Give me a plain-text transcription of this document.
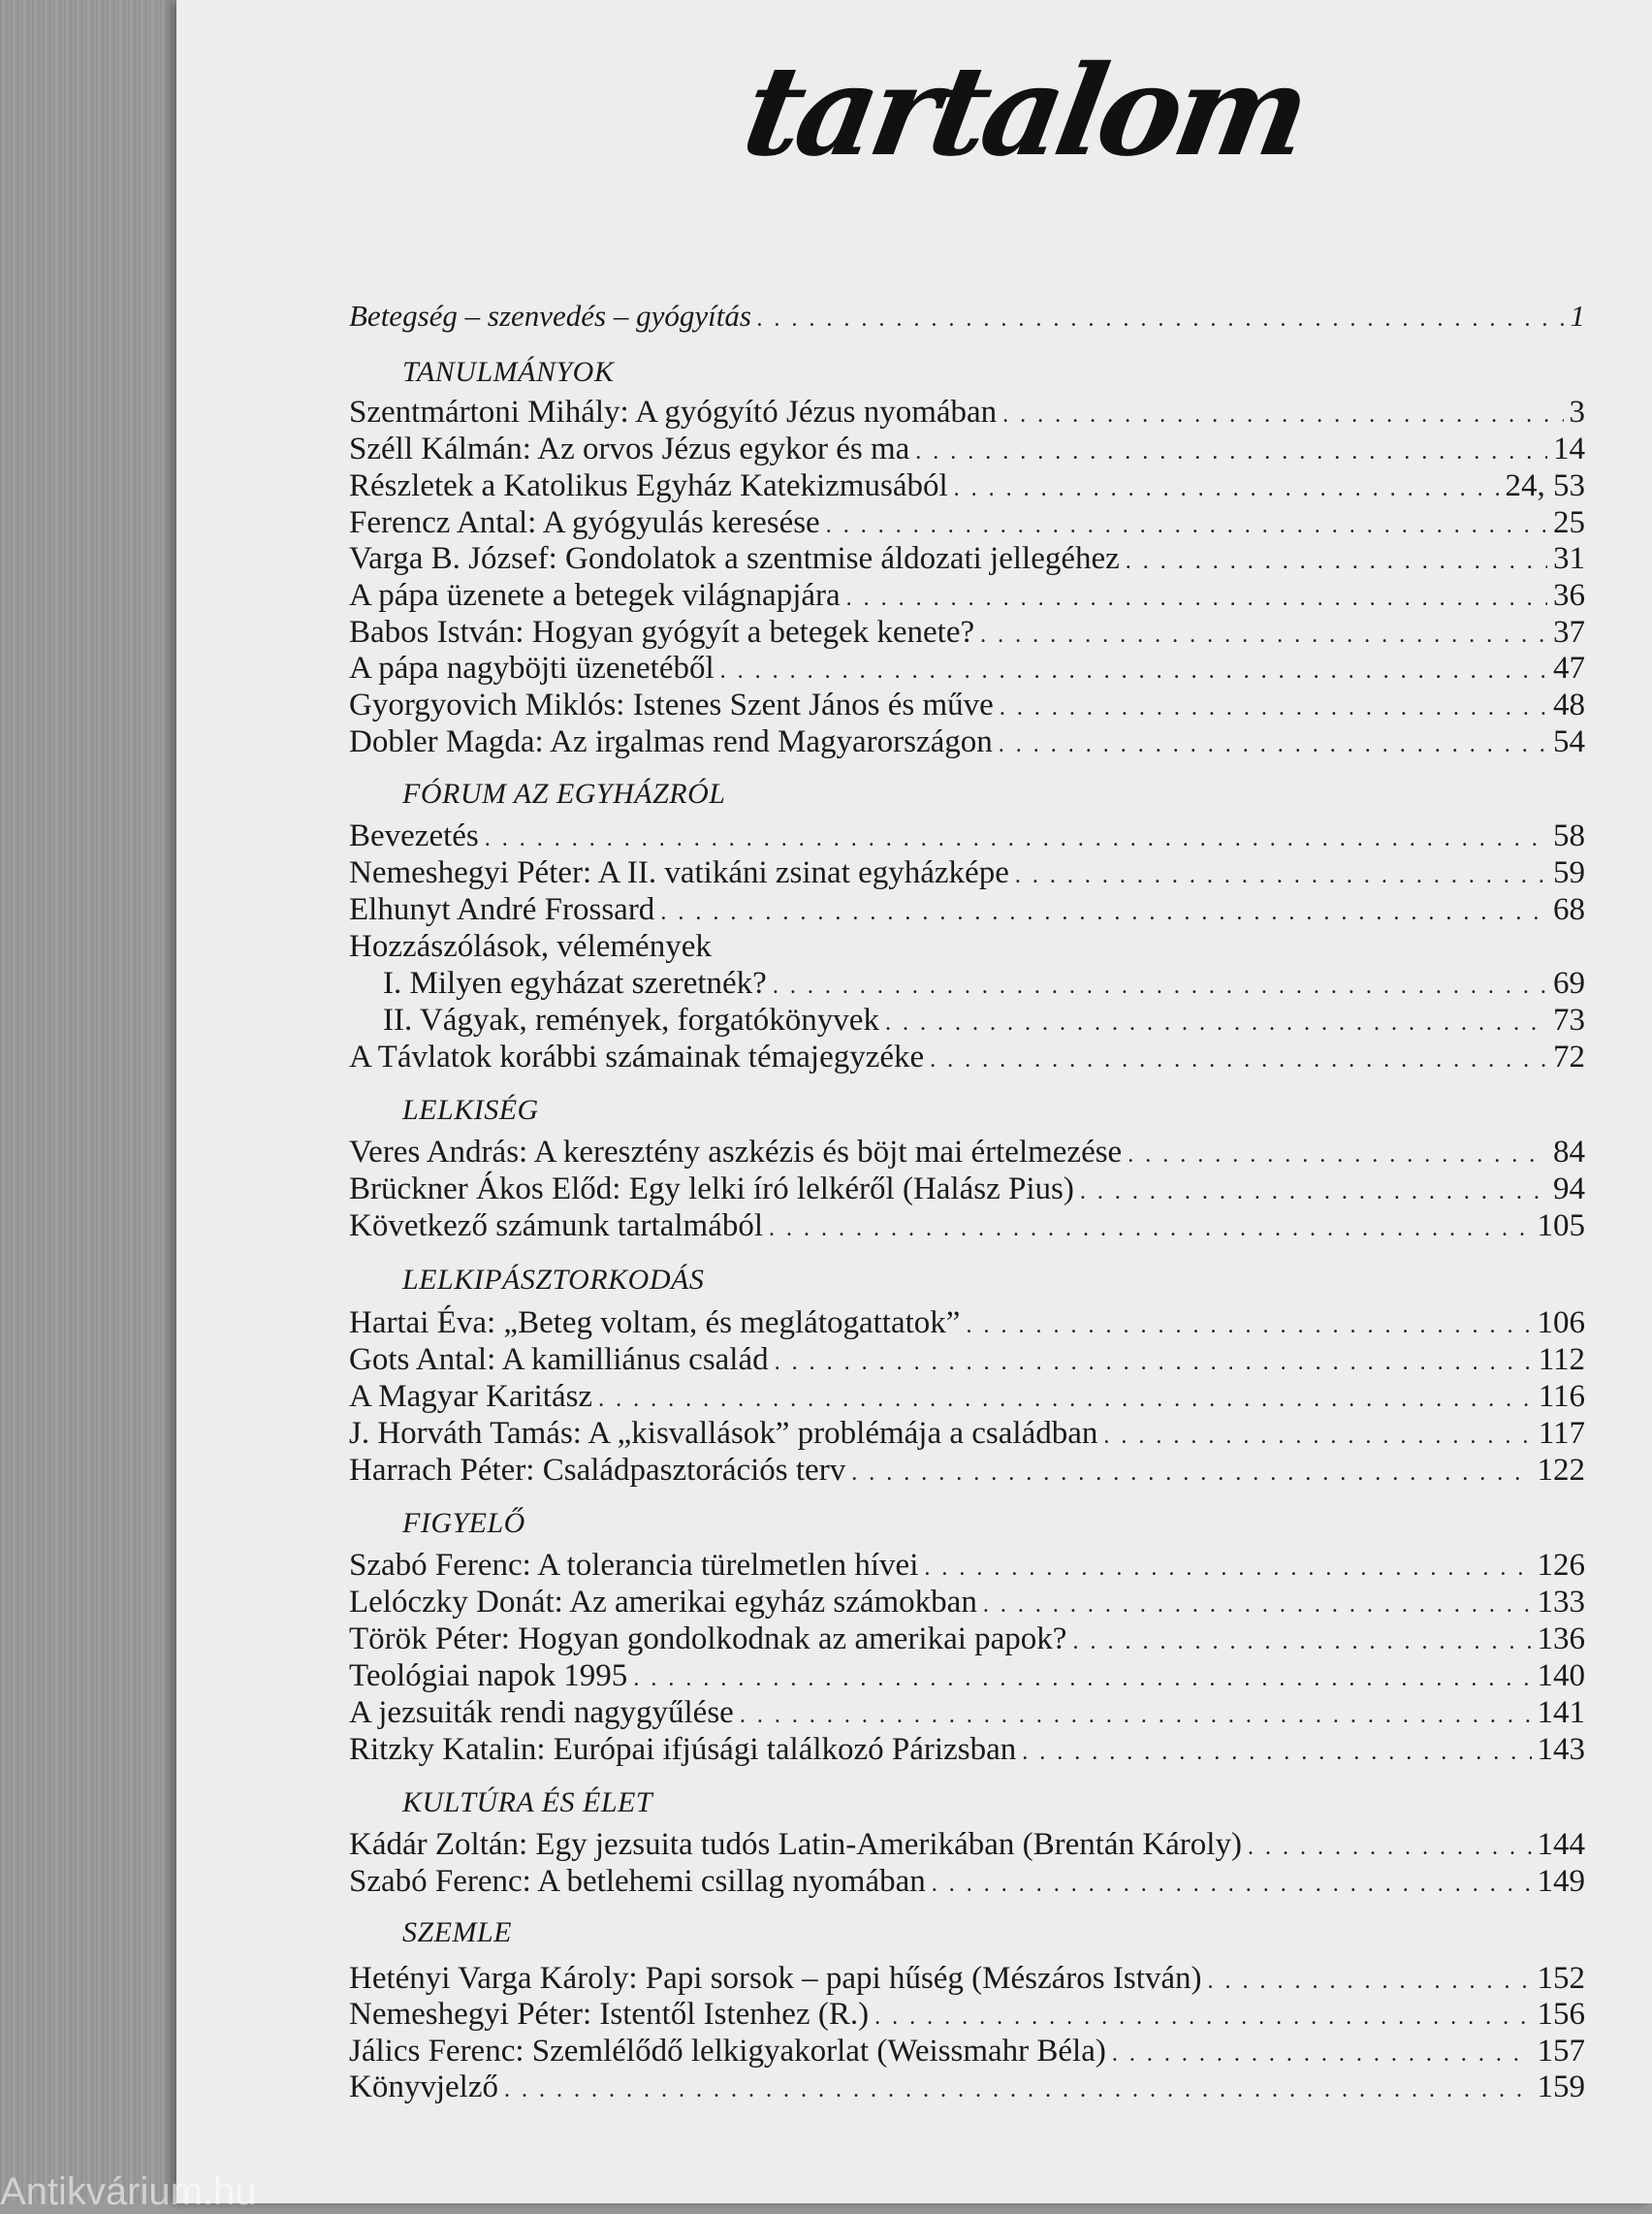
tartalom
Betegség – szenvedés – gyógyítás . . .	1
TANULMÁNYOK
Szentmártoni Mihály: A gyógyító Jézus nyomában . . .	3
Széll Kálmán: Az orvos Jézus egykor és ma . . .	14
Részletek a Katolikus Egyház Katekizmusából . . .	24, 53
Ferencz Antal: A gyógyulás keresése . . .	25
Varga B. József: Gondolatok a szentmise áldozati jellegéhez . . .	31
A pápa üzenete a betegek világnapjára . . .	36
Babos István: Hogyan gyógyít a betegek kenete? . . .	37
A pápa nagyböjti üzenetéből . . .	47
Gyorgyovich Miklós: Istenes Szent János és műve . . .	48
Dobler Magda: Az irgalmas rend Magyarországon . . .	54
FÓRUM AZ EGYHÁZRÓL
Bevezetés . . .	58
Nemeshegyi Péter: A II. vatikáni zsinat egyházképe . . .	59
Elhunyt André Frossard . . .	68
Hozzászólások, vélemények
I. Milyen egyházat szeretnék? . . .	69
II. Vágyak, remények, forgatókönyvek . . .	73
A Távlatok korábbi számainak témajegyzéke . . .	72
LELKISÉG
Veres András: A keresztény aszkézis és böjt mai értelmezése . . .	84
Brückner Ákos Előd: Egy lelki író lelkéről (Halász Pius) . . .	94
Következő számunk tartalmából . . .	105
LELKIPÁSZTORKODÁS
Hartai Éva: „Beteg voltam, és meglátogattatok” . . .	106
Gots Antal: A kamilliánus család . . .	112
A Magyar Karitász . . .	116
J. Horváth Tamás: A „kisvallások” problémája a családban . . .	117
Harrach Péter: Családpasztorációs terv . . .	122
FIGYELŐ
Szabó Ferenc: A tolerancia türelmetlen hívei . . .	126
Lelóczky Donát: Az amerikai egyház számokban . . .	133
Török Péter: Hogyan gondolkodnak az amerikai papok? . . .	136
Teológiai napok 1995 . . .	140
A jezsuiták rendi nagygyűlése . . .	141
Ritzky Katalin: Európai ifjúsági találkozó Párizsban . . .	143
KULTÚRA ÉS ÉLET
Kádár Zoltán: Egy jezsuita tudós Latin-Amerikában (Brentán Károly) . . .	144
Szabó Ferenc: A betlehemi csillag nyomában . . .	149
SZEMLE
Hetényi Varga Károly: Papi sorsok – papi hűség (Mészáros István) . . .	152
Nemeshegyi Péter: Istentől Istenhez (R.) . . .	156
Jálics Ferenc: Szemlélődő lelkigyakorlat (Weissmahr Béla) . . .	157
Könyvjelző . . .	159
Antikvárium.hu
